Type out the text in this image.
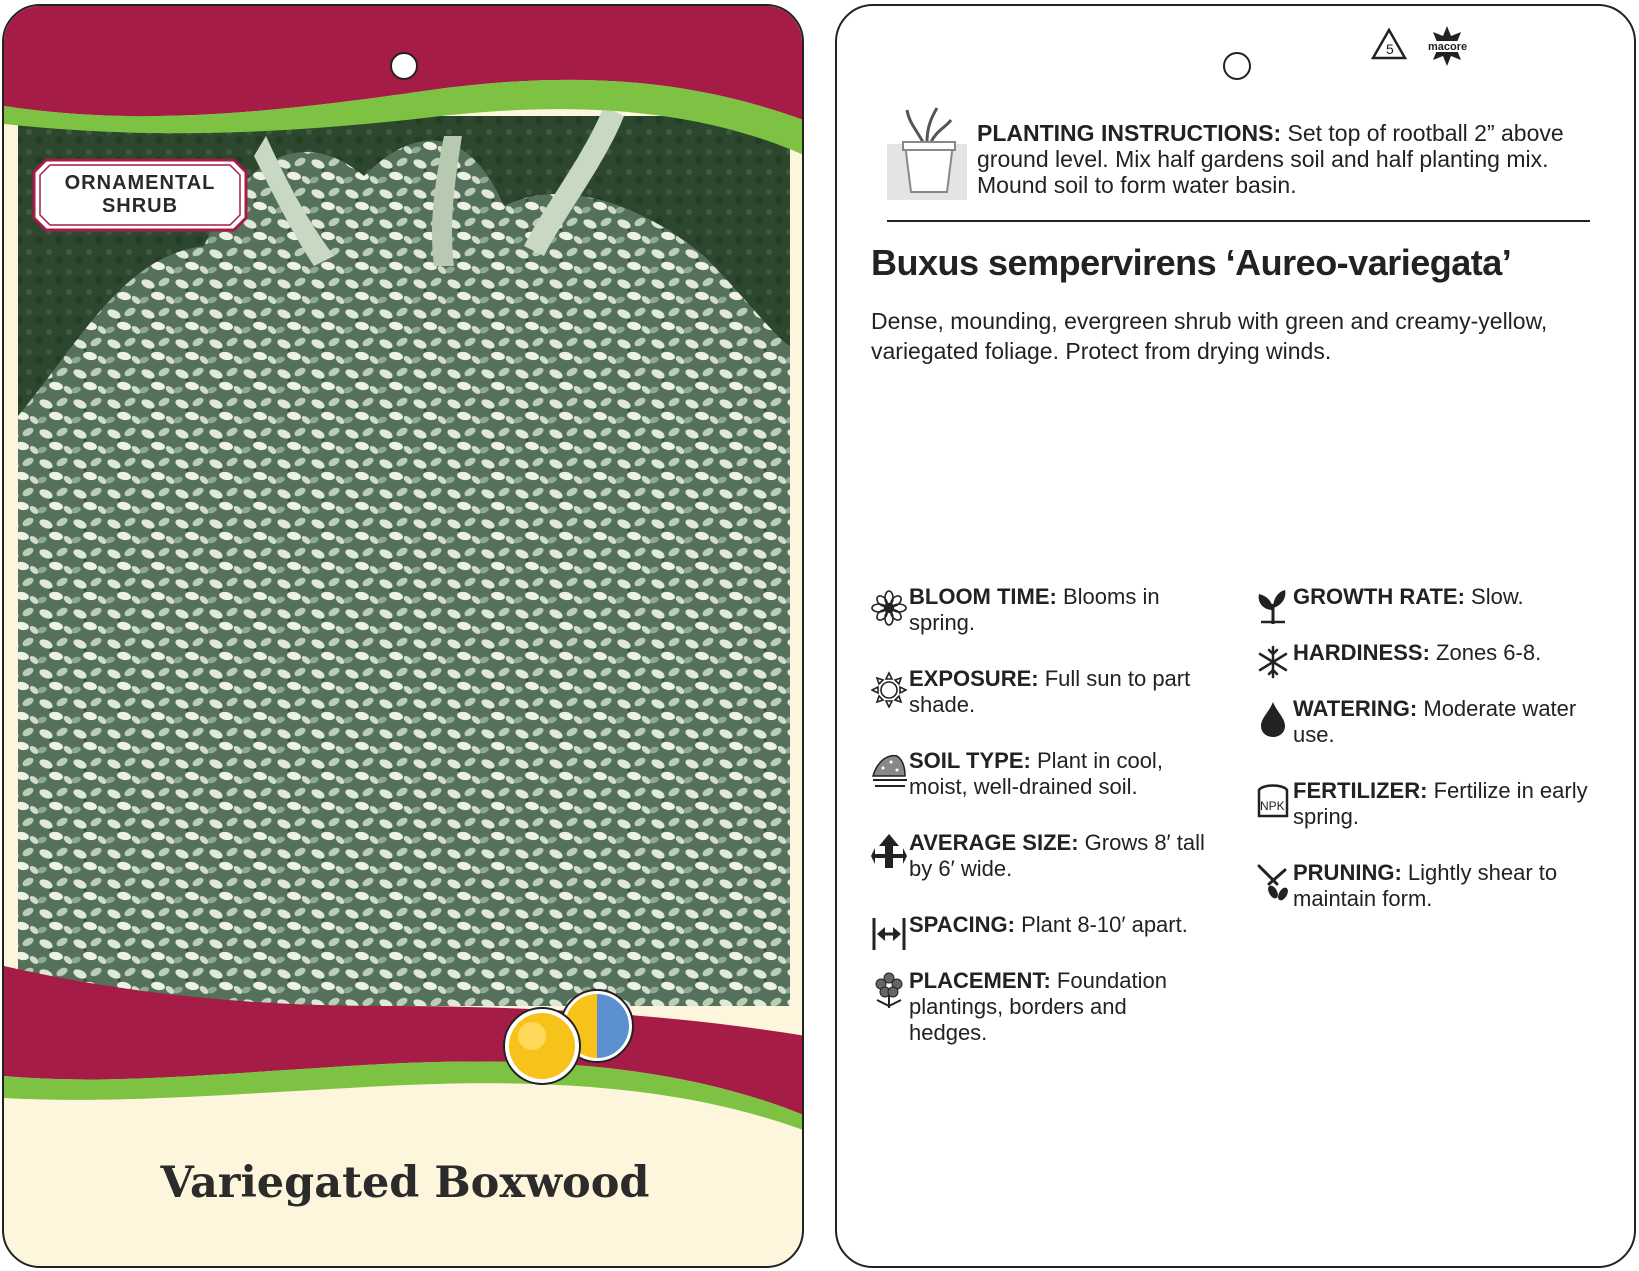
ORNAMENTAL
SHRUB
Variegated Boxwood
5	macore
PLANTING INSTRUCTIONS: Set top of rootball 2” above ground level. Mix half gardens soil and half planting mix. Mound soil to form water basin.
Buxus sempervirens ‘Aureo-variegata’
Dense, mounding, evergreen shrub with green and creamy-yellow, variegated foliage. Protect from drying winds.
BLOOM TIME: Blooms in spring.
EXPOSURE: Full sun to part shade.
SOIL TYPE: Plant in cool, moist, well-drained soil.
AVERAGE SIZE: Grows 8′ tall by 6′ wide.
SPACING: Plant 8-10′ apart.
PLACEMENT: Foundation plantings, borders and hedges.
GROWTH RATE: Slow.
HARDINESS: Zones 6-8.
WATERING: Moderate water use.
NPK
FERTILIZER: Fertilize in early spring.
PRUNING: Lightly shear to maintain form.
